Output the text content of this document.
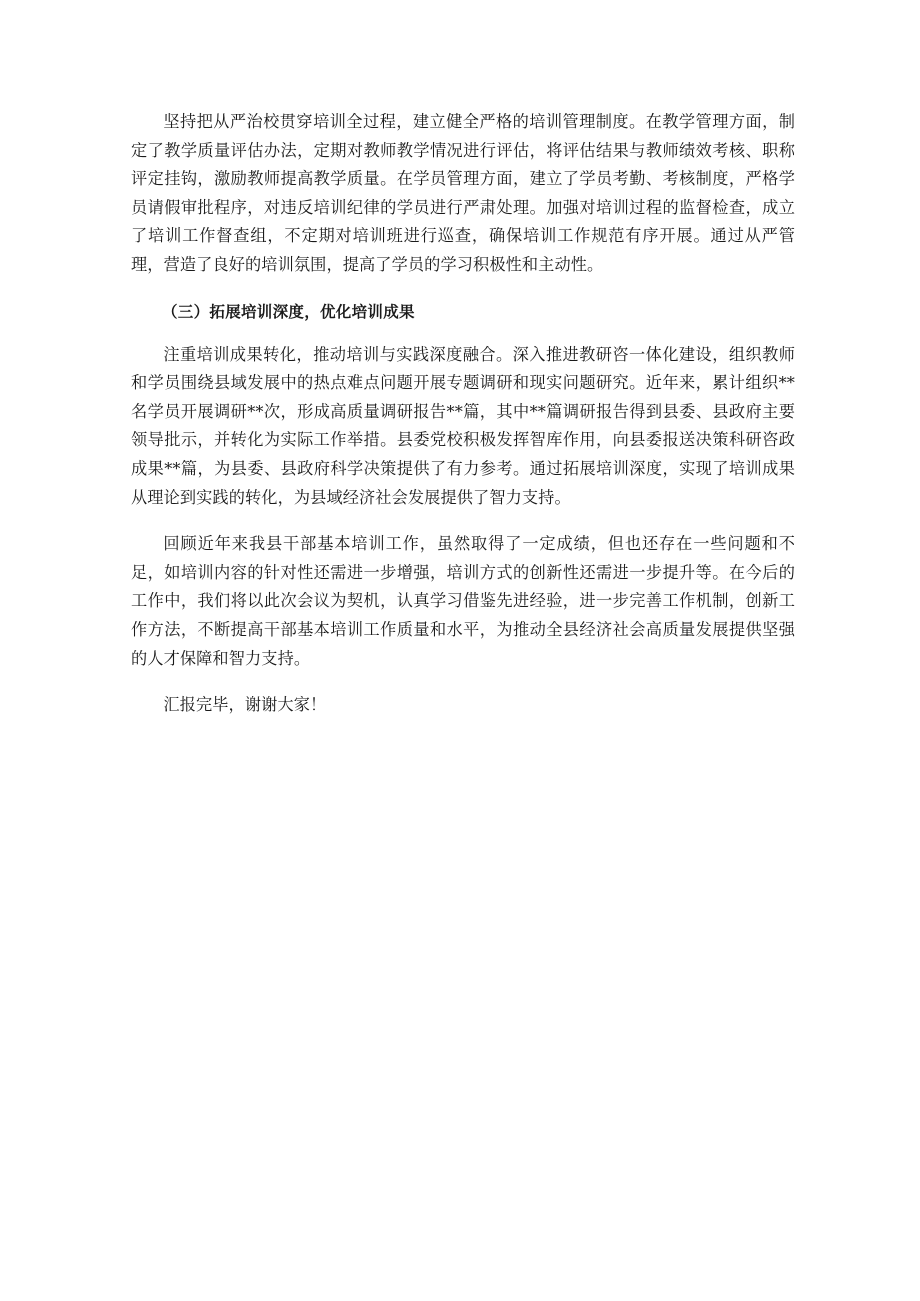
坚持把从严治校贯穿培训全过程，建立健全严格的培训管理制度。在教学管理方面，制定了教学质量评估办法，定期对教师教学情况进行评估，将评估结果与教师绩效考核、职称评定挂钩，激励教师提高教学质量。在学员管理方面，建立了学员考勤、考核制度，严格学员请假审批程序，对违反培训纪律的学员进行严肃处理。加强对培训过程的监督检查，成立了培训工作督查组，不定期对培训班进行巡查，确保培训工作规范有序开展。通过从严管理，营造了良好的培训氛围，提高了学员的学习积极性和主动性。

（三）拓展培训深度，优化培训成果

注重培训成果转化，推动培训与实践深度融合。深入推进教研咨一体化建设，组织教师和学员围绕县域发展中的热点难点问题开展专题调研和现实问题研究。近年来，累计组织**名学员开展调研**次，形成高质量调研报告**篇，其中**篇调研报告得到县委、县政府主要领导批示，并转化为实际工作举措。县委党校积极发挥智库作用，向县委报送决策科研咨政成果**篇，为县委、县政府科学决策提供了有力参考。通过拓展培训深度，实现了培训成果从理论到实践的转化，为县域经济社会发展提供了智力支持。

回顾近年来我县干部基本培训工作，虽然取得了一定成绩，但也还存在一些问题和不足，如培训内容的针对性还需进一步增强，培训方式的创新性还需进一步提升等。在今后的工作中，我们将以此次会议为契机，认真学习借鉴先进经验，进一步完善工作机制，创新工作方法，不断提高干部基本培训工作质量和水平，为推动全县经济社会高质量发展提供坚强的人才保障和智力支持。

汇报完毕，谢谢大家！
